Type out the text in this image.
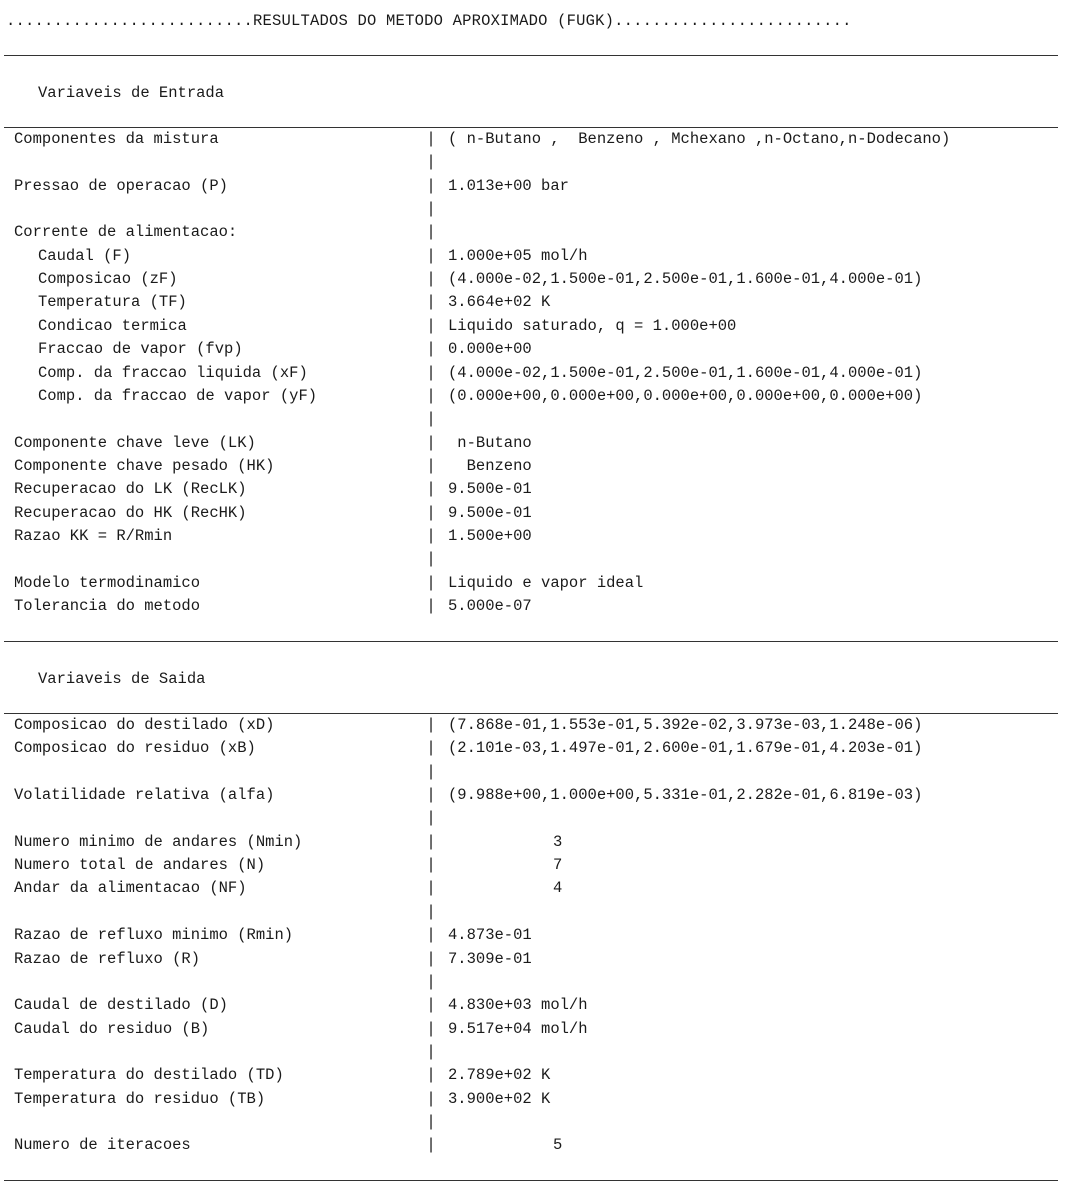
..........................RESULTADOS DO METODO APROXIMADO (FUGK).........................
Variaveis de Entrada
Componentes da mistura	| ( n-Butano ,  Benzeno , Mchexano ,n-Octano,n-Dodecano)
|
Pressao de operacao (P)	| 1.013e+00 bar
|
Corrente de alimentacao:	|
Caudal (F)	| 1.000e+05 mol/h
Composicao (zF)	| (4.000e-02,1.500e-01,2.500e-01,1.600e-01,4.000e-01)
Temperatura (TF)	| 3.664e+02 K
Condicao termica	| Liquido saturado, q = 1.000e+00
Fraccao de vapor (fvp)	| 0.000e+00
Comp. da fraccao liquida (xF)	| (4.000e-02,1.500e-01,2.500e-01,1.600e-01,4.000e-01)
Comp. da fraccao de vapor (yF)	| (0.000e+00,0.000e+00,0.000e+00,0.000e+00,0.000e+00)
|
Componente chave leve (LK)	| n-Butano
Componente chave pesado (HK)	| Benzeno
Recuperacao do LK (RecLK)	| 9.500e-01
Recuperacao do HK (RecHK)	| 9.500e-01
Razao KK = R/Rmin	| 1.500e+00
|
Modelo termodinamico	| Liquido e vapor ideal
Tolerancia do metodo	| 5.000e-07
Variaveis de Saida
Composicao do destilado (xD)	| (7.868e-01,1.553e-01,5.392e-02,3.973e-03,1.248e-06)
Composicao do residuo (xB)	| (2.101e-03,1.497e-01,2.600e-01,1.679e-01,4.203e-01)
|
Volatilidade relativa (alfa)	| (9.988e+00,1.000e+00,5.331e-01,2.282e-01,6.819e-03)
|
Numero minimo de andares (Nmin)	|	3
Numero total de andares (N)	|	7
Andar da alimentacao (NF)	|	4
|
Razao de refluxo minimo (Rmin)	| 4.873e-01
Razao de refluxo (R)	| 7.309e-01
|
Caudal de destilado (D)	| 4.830e+03 mol/h
Caudal do residuo (B)	| 9.517e+04 mol/h
|
Temperatura do destilado (TD)	| 2.789e+02 K
Temperatura do residuo (TB)	| 3.900e+02 K
|
Numero de iteracoes	|	5
